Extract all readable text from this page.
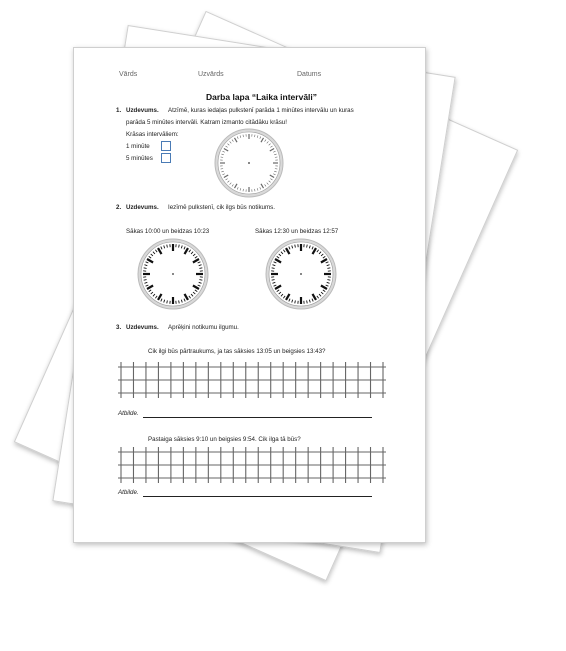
Vārds	Uzvārds	Datums
Darba lapa “Laika intervāli”
1. Uzdevums. Atzīmē, kuras iedaļas pulkstenī parāda 1 minūtes intervālu un kuras
parāda 5 minūtes intervāli. Katram izmanto citādāku krāsu!
Krāsas intervāliem:
1 minūte
5 minūtes
2. Uzdevums. Iezīmē pulkstenī, cik ilgs būs notikums.
Sākas 10:00 un beidzas 10:23	Sākas 12:30 un beidzas 12:57
3. Uzdevums. Aprēķini notikumu ilgumu.
Cik ilgi būs pārtraukums, ja tas sāksies 13:05 un beigsies 13:43?
Atbilde.
Pastaiga sāksies 9:10 un beigsies 9:54. Cik ilga tā būs?
Atbilde.
